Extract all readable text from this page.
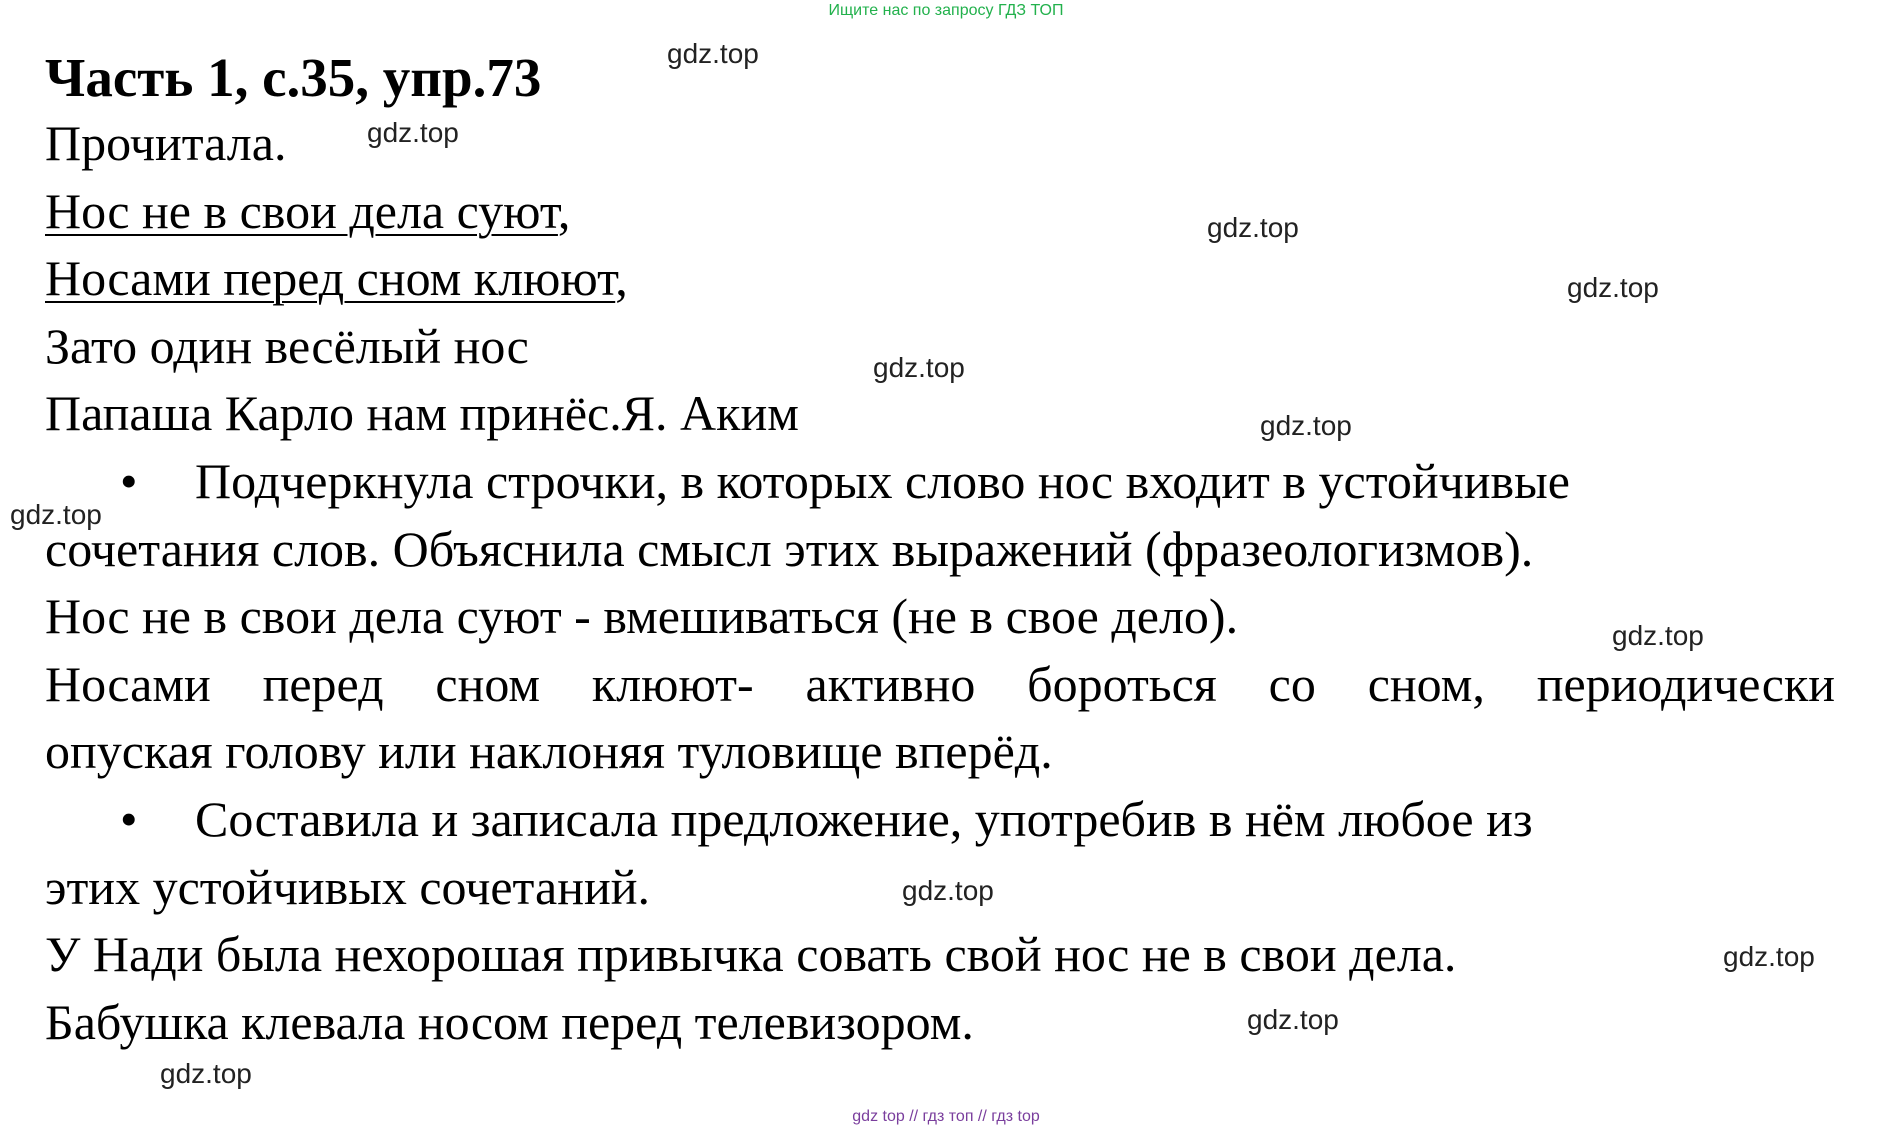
Ищите нас по запросу ГДЗ ТОП
Часть 1, с.35, упр.73
Прочитала.
Нос не в свои дела суют,
Носами перед сном клюют,
Зато один весёлый нос
Папаша Карло нам принёс.Я. Аким
• Подчеркнула строчки, в которых слово нос входит в устойчивые
сочетания слов. Объяснила смысл этих выражений (фразеологизмов).
Нос не в свои дела суют - вмешиваться (не в свое дело).
Носами перед сном клюют- активно бороться со сном, периодически
опуская голову или наклоняя туловище вперёд.
• Составила и записала предложение, употребив в нём любое из
этих устойчивых сочетаний.
У Нади была нехорошая привычка совать свой нос не в свои дела.
Бабушка клевала носом перед телевизором.
gdz.top
gdz.top
gdz.top
gdz.top
gdz.top
gdz.top
gdz.top
gdz.top
gdz.top
gdz.top
gdz.top
gdz.top
gdz top // гдз топ // гдз top
